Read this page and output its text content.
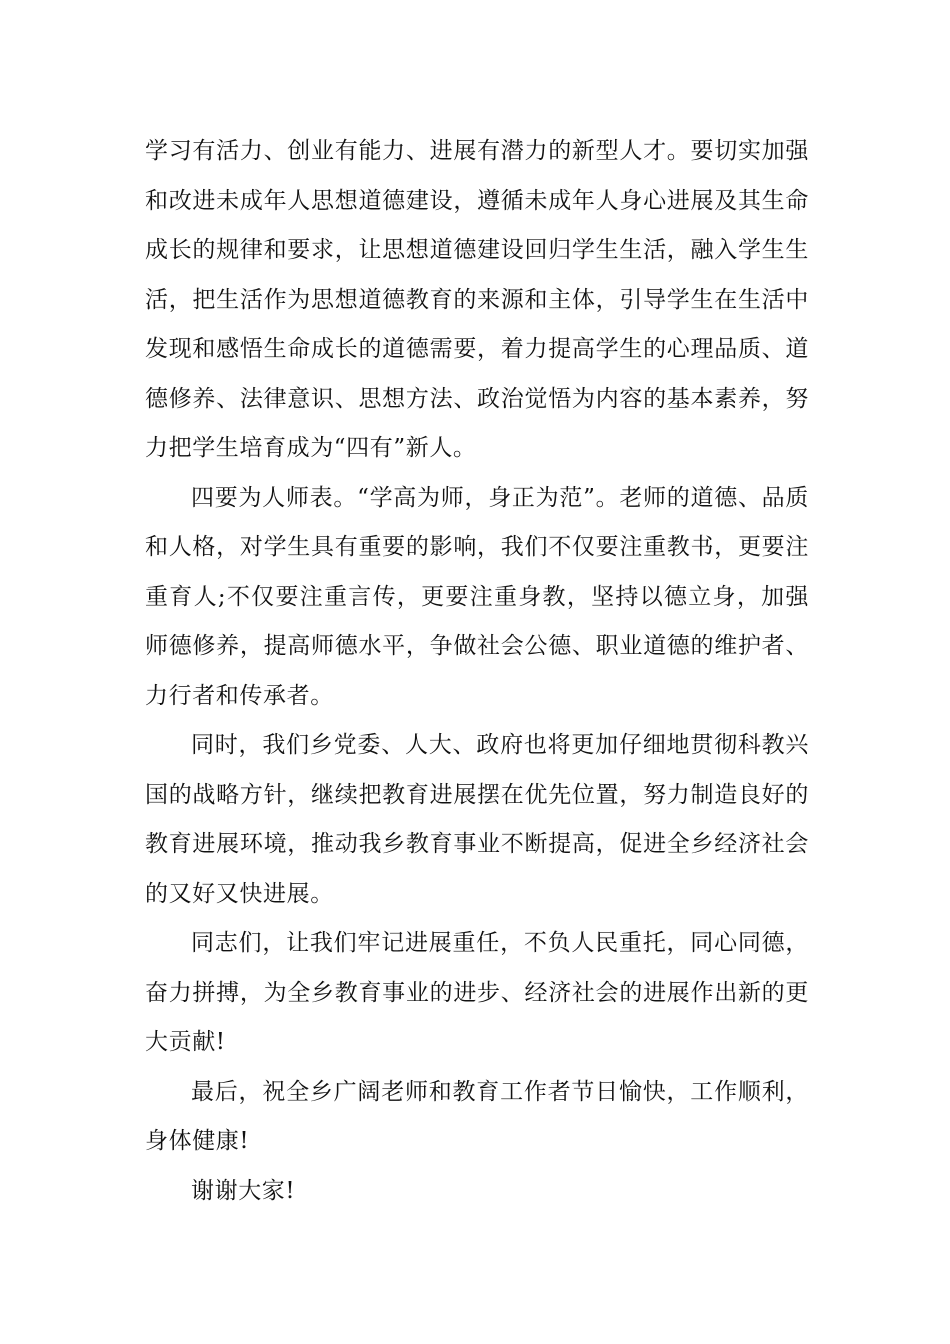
学习有活力、创业有能力、进展有潜力的新型人才。要切实加强和改进未成年人思想道德建设，遵循未成年人身心进展及其生命成长的规律和要求，让思想道德建设回归学生生活，融入学生生活，把生活作为思想道德教育的来源和主体，引导学生在生活中发现和感悟生命成长的道德需要，着力提高学生的心理品质、道德修养、法律意识、思想方法、政治觉悟为内容的基本素养，努力把学生培育成为“四有”新人。

四要为人师表。“学高为师，身正为范”。老师的道德、品质和人格，对学生具有重要的影响，我们不仅要注重教书，更要注重育人;不仅要注重言传，更要注重身教，坚持以德立身，加强师德修养，提高师德水平，争做社会公德、职业道德的维护者、力行者和传承者。

同时，我们乡党委、人大、政府也将更加仔细地贯彻科教兴国的战略方针，继续把教育进展摆在优先位置，努力制造良好的教育进展环境，推动我乡教育事业不断提高，促进全乡经济社会的又好又快进展。

同志们，让我们牢记进展重任，不负人民重托，同心同德，奋力拼搏，为全乡教育事业的进步、经济社会的进展作出新的更大贡献!

最后，祝全乡广阔老师和教育工作者节日愉快，工作顺利，身体健康!

谢谢大家!
